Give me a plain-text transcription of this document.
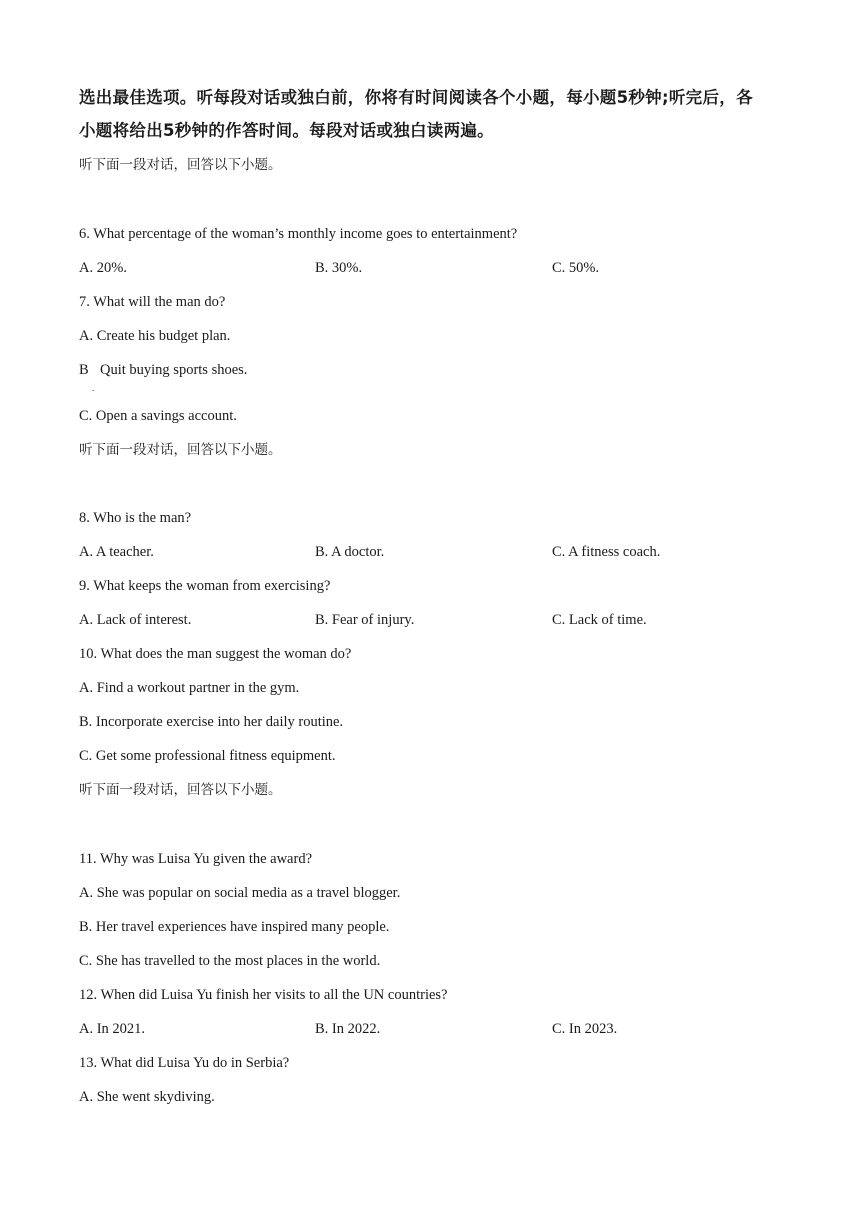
选出最佳选项。听每段对话或独白前，你将有时间阅读各个小题，每小题5秒钟;听完后，各
小题将给出5秒钟的作答时间。每段对话或独白读两遍。
听下面一段对话，回答以下小题。
6. What percentage of the woman’s monthly income goes to entertainment?
A. 20%.	B. 30%.	C. 50%.
7. What will the man do?
A. Create his budget plan.
B
.
Quit buying sports shoes.
C. Open a savings account.
听下面一段对话，回答以下小题。
8. Who is the man?
A. A teacher.	B. A doctor.	C. A fitness coach.
9. What keeps the woman from exercising?
A. Lack of interest.	B. Fear of injury.	C. Lack of time.
10. What does the man suggest the woman do?
A. Find a workout partner in the gym.
B. Incorporate exercise into her daily routine.
C. Get some professional fitness equipment.
听下面一段对话，回答以下小题。
11. Why was Luisa Yu given the award?
A. She was popular on social media as a travel blogger.
B. Her travel experiences have inspired many people.
C. She has travelled to the most places in the world.
12. When did Luisa Yu finish her visits to all the UN countries?
A. In 2021.	B. In 2022.	C. In 2023.
13. What did Luisa Yu do in Serbia?
A. She went skydiving.
